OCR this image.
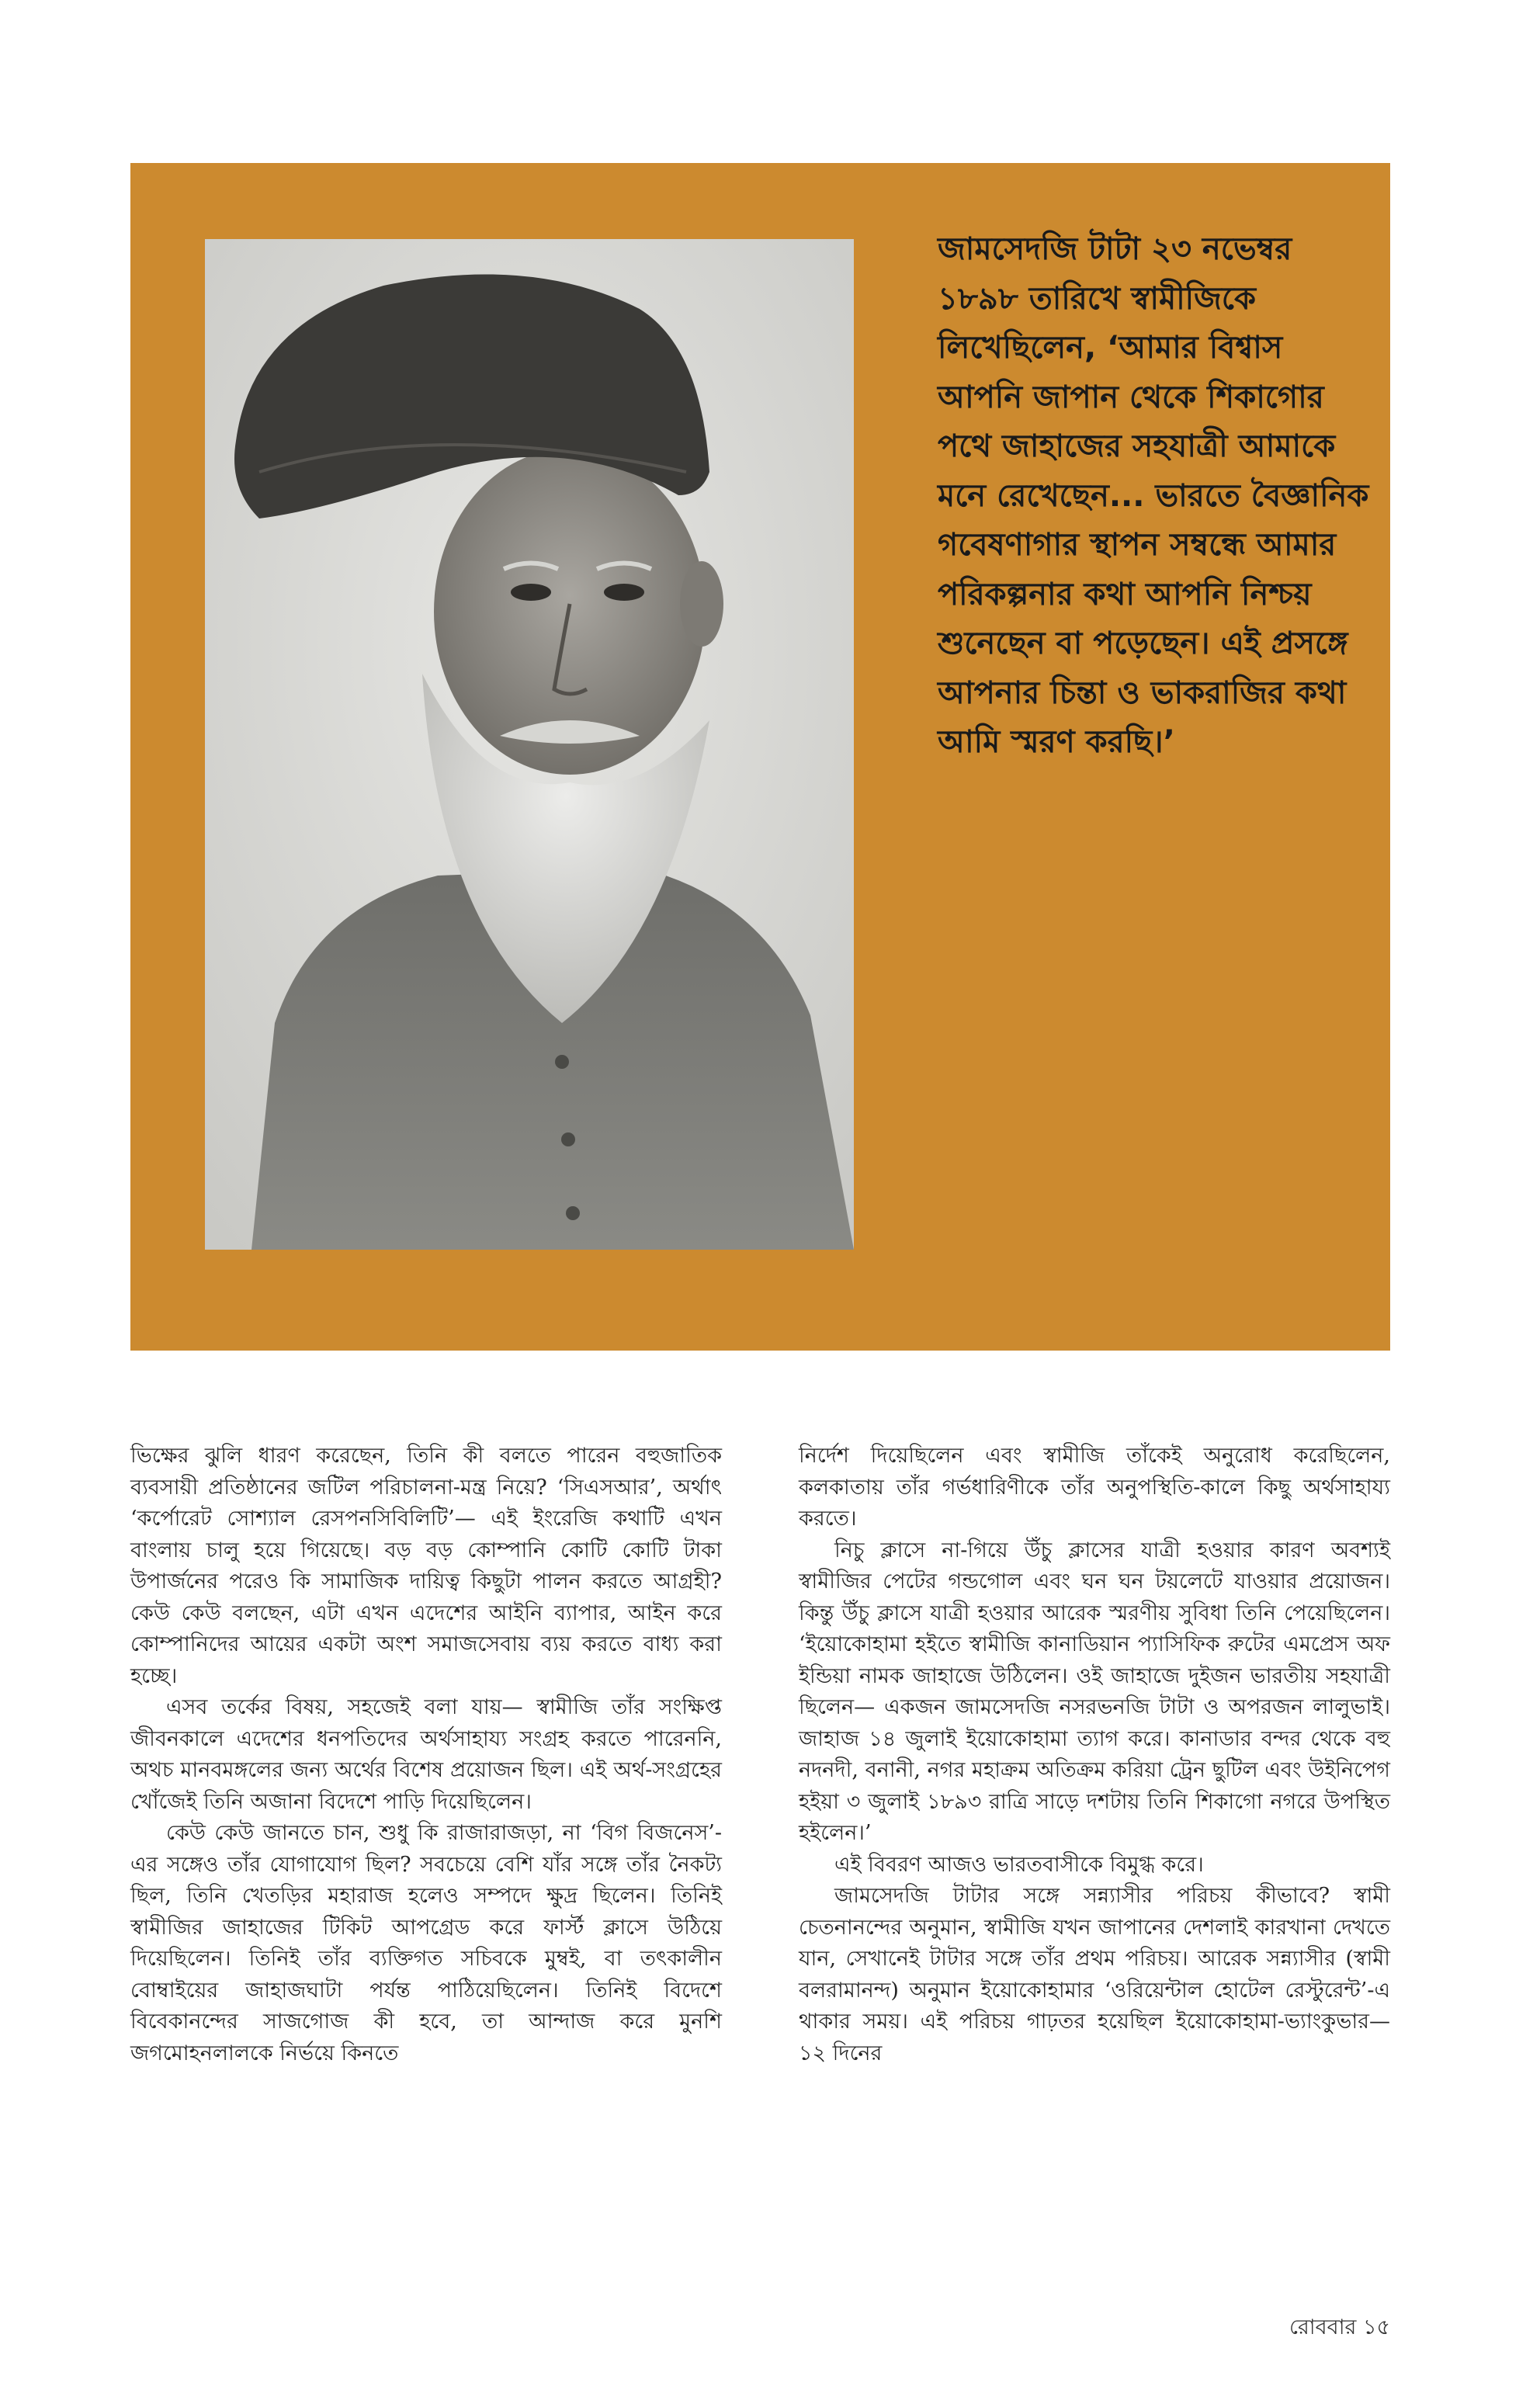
জামসেদজি টাটা ২৩ নভেম্বর ১৮৯৮ তারিখে স্বামীজিকে লিখেছিলেন, ‘আমার বিশ্বাস আপনি জাপান থেকে শিকাগোর পথে জাহাজের সহযাত্রী আমাকে মনে রেখেছেন... ভারতে বৈজ্ঞানিক গবেষণাগার স্থাপন সম্বন্ধে আমার পরিকল্পনার কথা আপনি নিশ্চয় শুনেছেন বা পড়েছেন। এই প্রসঙ্গে আপনার চিন্তা ও ভাকরাজির কথা আমি স্মরণ করছি।’

ভিক্ষের ঝুলি ধারণ করেছেন, তিনি কী বলতে পারেন বহুজাতিক ব্যবসায়ী প্রতিষ্ঠানের জটিল পরিচালনা-মন্ত্র নিয়ে? ‘সিএসআর’, অর্থাৎ ‘কর্পোরেট সোশ্যাল রেসপনসিবিলিটি’— এই ইংরেজি কথাটি এখন বাংলায় চালু হয়ে গিয়েছে। বড় বড় কোম্পানি কোটি কোটি টাকা উপার্জনের পরেও কি সামাজিক দায়িত্ব কিছুটা পালন করতে আগ্রহী? কেউ কেউ বলছেন, এটা এখন এদেশের আইনি ব্যাপার, আইন করে কোম্পানিদের আয়ের একটা অংশ সমাজসেবায় ব্যয় করতে বাধ্য করা হচ্ছে।

এসব তর্কের বিষয়, সহজেই বলা যায়— স্বামীজি তাঁর সংক্ষিপ্ত জীবনকালে এদেশের ধনপতিদের অর্থসাহায্য সংগ্রহ করতে পারেননি, অথচ মানবমঙ্গলের জন্য অর্থের বিশেষ প্রয়োজন ছিল। এই অর্থ-সংগ্রহের খোঁজেই তিনি অজানা বিদেশে পাড়ি দিয়েছিলেন।

কেউ কেউ জানতে চান, শুধু কি রাজারাজড়া, না ‘বিগ বিজনেস’-এর সঙ্গেও তাঁর যোগাযোগ ছিল? সবচেয়ে বেশি যাঁর সঙ্গে তাঁর নৈকট্য ছিল, তিনি খেতড়ির মহারাজ হলেও সম্পদে ক্ষুদ্র ছিলেন। তিনিই স্বামীজির জাহাজের টিকিট আপগ্রেড করে ফার্স্ট ক্লাসে উঠিয়ে দিয়েছিলেন। তিনিই তাঁর ব্যক্তিগত সচিবকে মুম্বই, বা তৎকালীন বোম্বাইয়ের জাহাজঘাটা পর্যন্ত পাঠিয়েছিলেন। তিনিই বিদেশে বিবেকানন্দের সাজগোজ কী হবে, তা আন্দাজ করে মুনশি জগমোহনলালকে নির্ভয়ে কিনতে

নির্দেশ দিয়েছিলেন এবং স্বামীজি তাঁকেই অনুরোধ করেছিলেন, কলকাতায় তাঁর গর্ভধারিণীকে তাঁর অনুপস্থিতি-কালে কিছু অর্থসাহায্য করতে।

নিচু ক্লাসে না-গিয়ে উঁচু ক্লাসের যাত্রী হওয়ার কারণ অবশ্যই স্বামীজির পেটের গন্ডগোল এবং ঘন ঘন টয়লেটে যাওয়ার প্রয়োজন। কিন্তু উঁচু ক্লাসে যাত্রী হওয়ার আরেক স্মরণীয় সুবিধা তিনি পেয়েছিলেন। ‘ইয়োকোহামা হইতে স্বামীজি কানাডিয়ান প্যাসিফিক রুটের এমপ্রেস অফ ইন্ডিয়া নামক জাহাজে উঠিলেন। ওই জাহাজে দুইজন ভারতীয় সহযাত্রী ছিলেন— একজন জামসেদজি নসরভনজি টাটা ও অপরজন লালুভাই। জাহাজ ১৪ জুলাই ইয়োকোহামা ত্যাগ করে। কানাডার বন্দর থেকে বহু নদনদী, বনানী, নগর মহাক্রম অতিক্রম করিয়া ট্রেন ছুটিল এবং উইনিপেগ হইয়া ৩ জুলাই ১৮৯৩ রাত্রি সাড়ে দশটায় তিনি শিকাগো নগরে উপস্থিত হইলেন।’

এই বিবরণ আজও ভারতবাসীকে বিমুগ্ধ করে।

জামসেদজি টাটার সঙ্গে সন্ন্যাসীর পরিচয় কীভাবে? স্বামী চেতনানন্দের অনুমান, স্বামীজি যখন জাপানের দেশলাই কারখানা দেখতে যান, সেখানেই টাটার সঙ্গে তাঁর প্রথম পরিচয়। আরেক সন্ন্যাসীর (স্বামী বলরামানন্দ) অনুমান ইয়োকোহামার ‘ওরিয়েন্টাল হোটেল রেস্টুরেন্ট’-এ থাকার সময়। এই পরিচয় গাঢ়তর হয়েছিল ইয়োকোহামা-ভ্যাংকুভার— ১২ দিনের

রোববার ১৫
